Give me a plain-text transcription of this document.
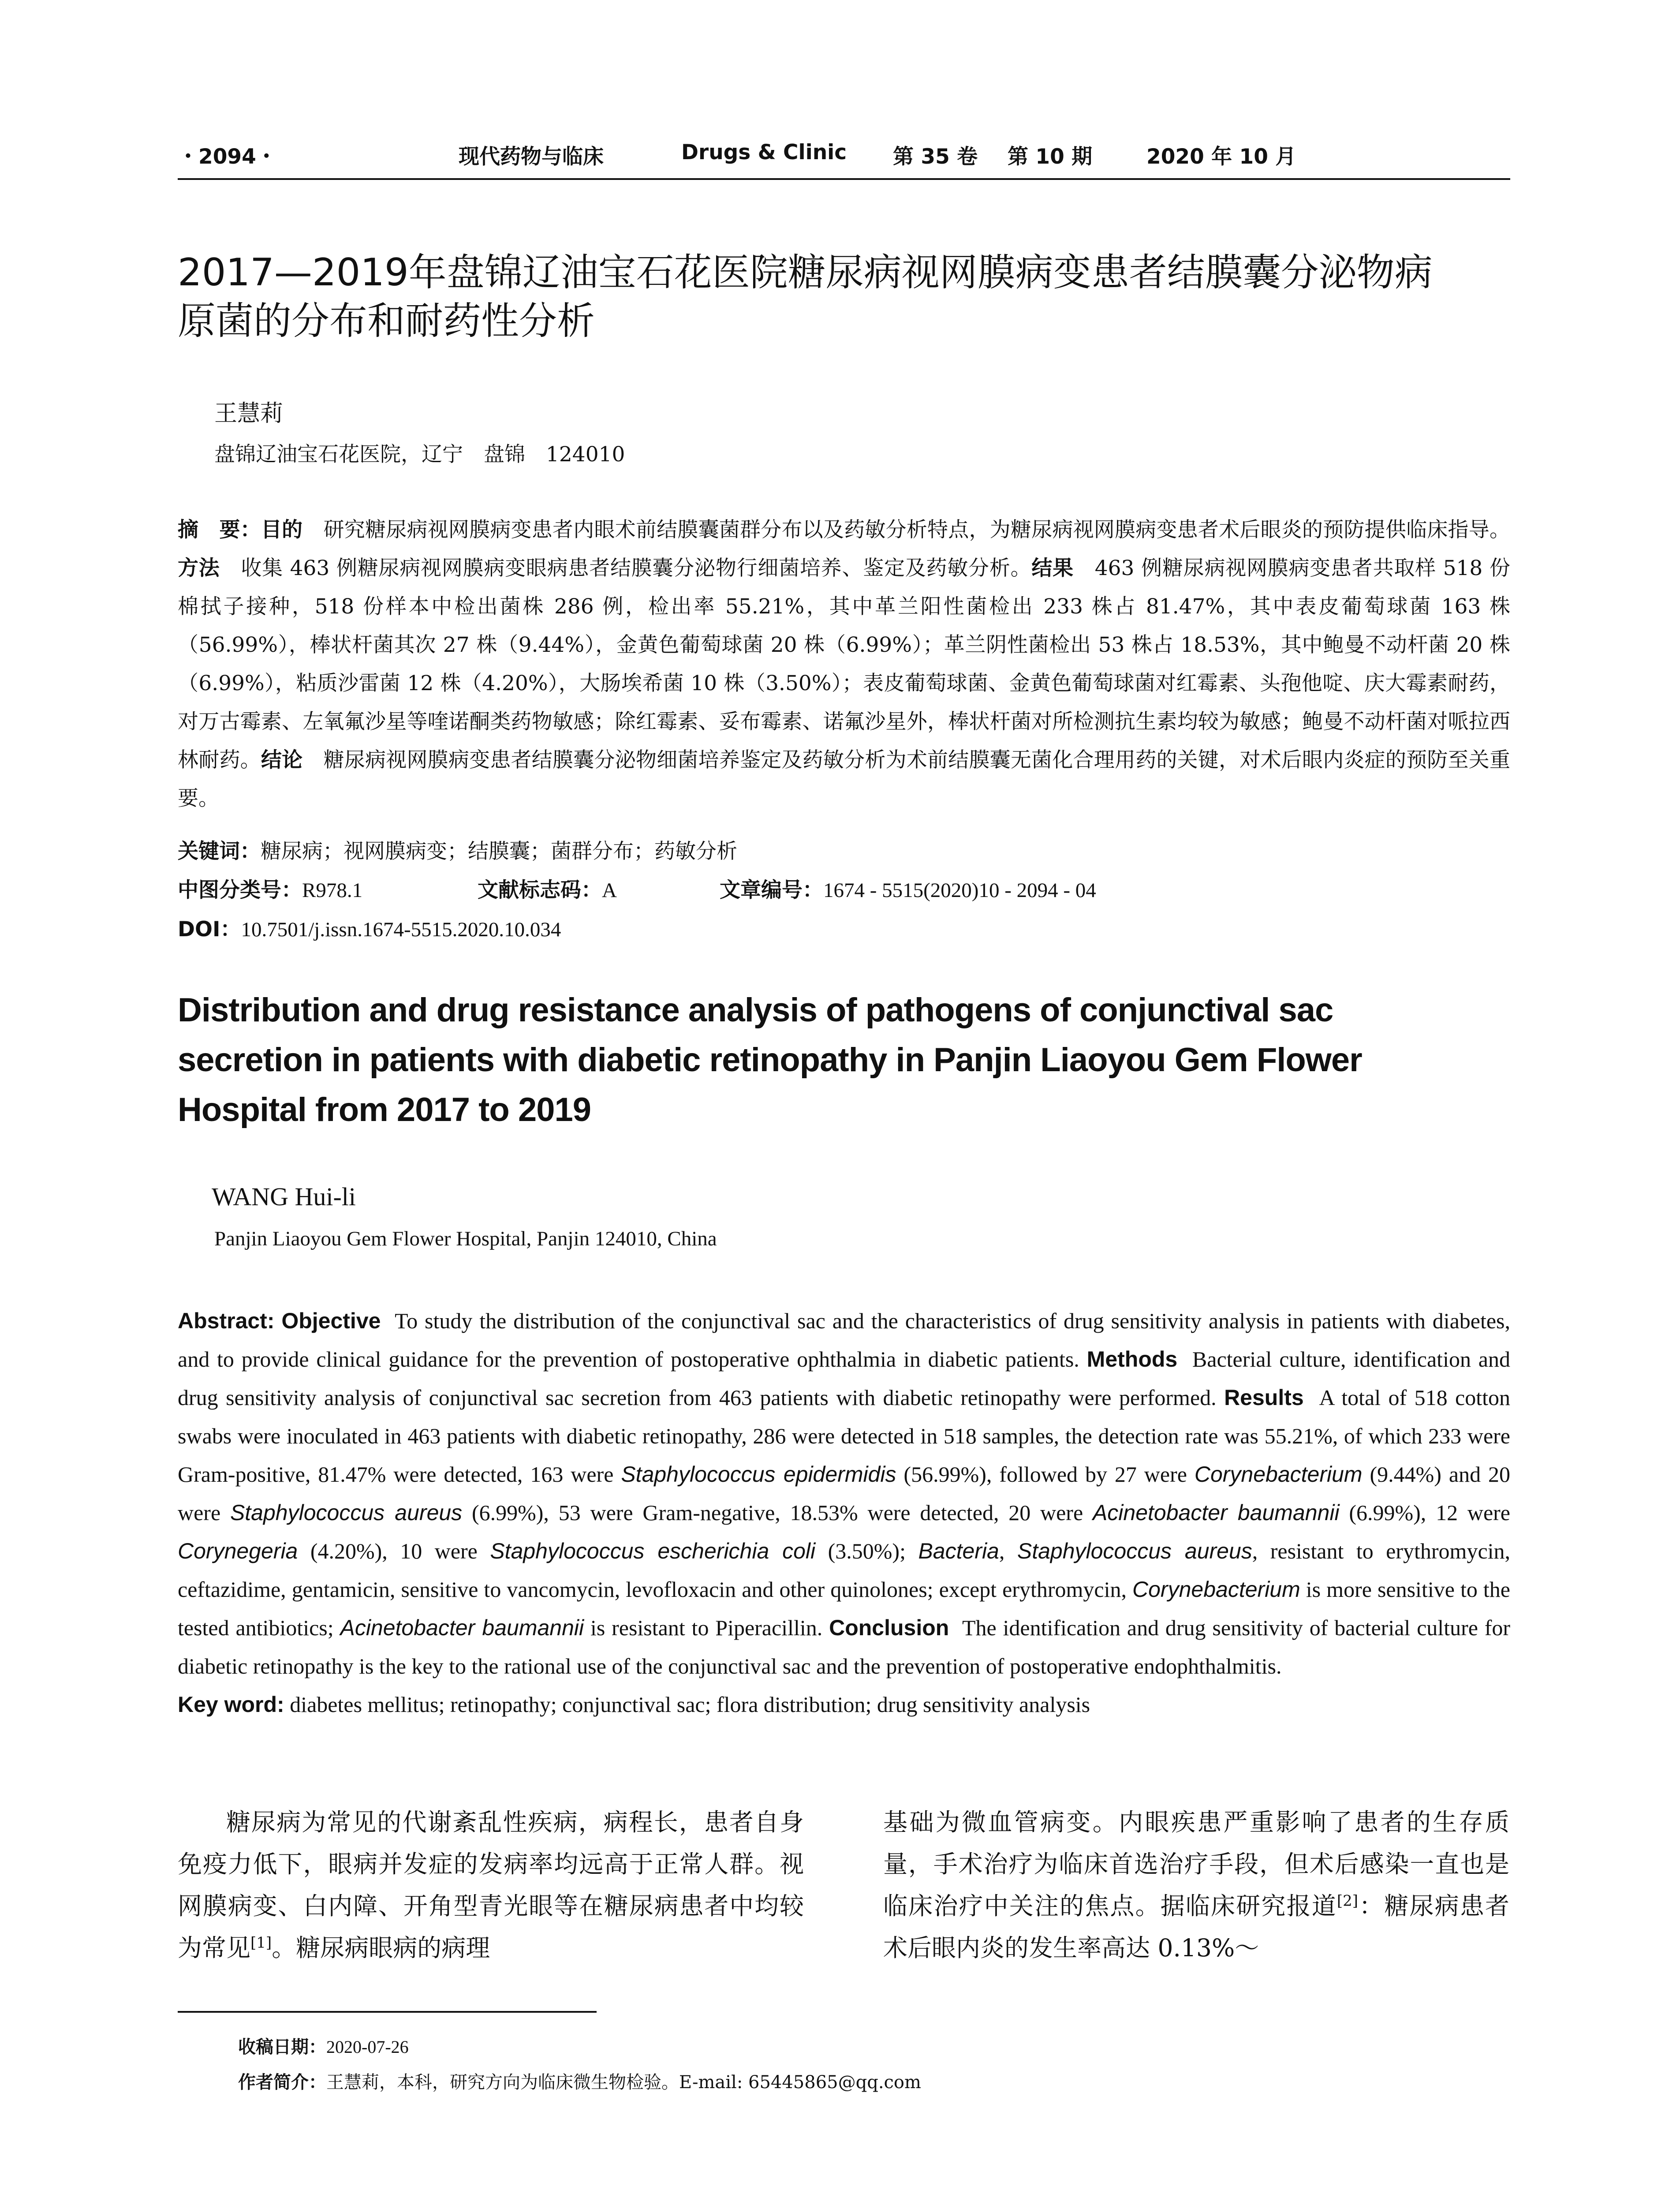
・2094・	现代药物与临床	Drugs & Clinic 第 35 卷 第 10 期	2020 年 10 月
2017—2019年盘锦辽油宝石花医院糖尿病视网膜病变患者结膜囊分泌物病
原菌的分布和耐药性分析
王慧莉
盘锦辽油宝石花医院，辽宁　盘锦　124010
摘　要：目的　研究糖尿病视网膜病变患者内眼术前结膜囊菌群分布以及药敏分析特点，为糖尿病视网膜病变患者术后眼炎的预防提供临床指导。方法　收集 463 例糖尿病视网膜病变眼病患者结膜囊分泌物行细菌培养、鉴定及药敏分析。结果　463 例糖尿病视网膜病变患者共取样 518 份棉拭子接种，518 份样本中检出菌株 286 例，检出率 55.21%，其中革兰阳性菌检出 233 株占 81.47%，其中表皮葡萄球菌 163 株（56.99%），棒状杆菌其次 27 株（9.44%），金黄色葡萄球菌 20 株（6.99%）；革兰阴性菌检出 53 株占 18.53%，其中鲍曼不动杆菌 20 株（6.99%），粘质沙雷菌 12 株（4.20%），大肠埃希菌 10 株（3.50%）；表皮葡萄球菌、金黄色葡萄球菌对红霉素、头孢他啶、庆大霉素耐药，对万古霉素、左氧氟沙星等喹诺酮类药物敏感；除红霉素、妥布霉素、诺氟沙星外，棒状杆菌对所检测抗生素均较为敏感；鲍曼不动杆菌对哌拉西林耐药。结论　糖尿病视网膜病变患者结膜囊分泌物细菌培养鉴定及药敏分析为术前结膜囊无菌化合理用药的关键，对术后眼内炎症的预防至关重要。
关键词：糖尿病；视网膜病变；结膜囊；菌群分布；药敏分析
中图分类号：R978.1	文献标志码：A	文章编号：1674 - 5515(2020)10 - 2094 - 04
DOI：10.7501/j.issn.1674-5515.2020.10.034
Distribution and drug resistance analysis of pathogens of conjunctival sac
secretion in patients with diabetic retinopathy in Panjin Liaoyou Gem Flower
Hospital from 2017 to 2019
WANG Hui-li
Panjin Liaoyou Gem Flower Hospital, Panjin 124010, China
Abstract: Objective To study the distribution of the conjunctival sac and the characteristics of drug sensitivity analysis in patients with diabetes, and to provide clinical guidance for the prevention of postoperative ophthalmia in diabetic patients. Methods Bacterial culture, identification and drug sensitivity analysis of conjunctival sac secretion from 463 patients with diabetic retinopathy were performed. Results A total of 518 cotton swabs were inoculated in 463 patients with diabetic retinopathy, 286 were detected in 518 samples, the detection rate was 55.21%, of which 233 were Gram-positive, 81.47% were detected, 163 were Staphylococcus epidermidis (56.99%), followed by 27 were Corynebacterium (9.44%) and 20 were Staphylococcus aureus (6.99%), 53 were Gram-negative, 18.53% were detected, 20 were Acinetobacter baumannii (6.99%), 12 were Corynegeria (4.20%), 10 were Staphylococcus escherichia coli (3.50%); Bacteria, Staphylococcus aureus, resistant to erythromycin, ceftazidime, gentamicin, sensitive to vancomycin, levofloxacin and other quinolones; except erythromycin, Corynebacterium is more sensitive to the tested antibiotics; Acinetobacter baumannii is resistant to Piperacillin. Conclusion The identification and drug sensitivity of bacterial culture for diabetic retinopathy is the key to the rational use of the conjunctival sac and the prevention of postoperative endophthalmitis.
Key word: diabetes mellitus; retinopathy; conjunctival sac; flora distribution; drug sensitivity analysis
糖尿病为常见的代谢紊乱性疾病，病程长，患者自身免疫力低下，眼病并发症的发病率均远高于正常人群。视网膜病变、白内障、开角型青光眼等在糖尿病患者中均较为常见[1]。糖尿病眼病的病理
基础为微血管病变。内眼疾患严重影响了患者的生存质量，手术治疗为临床首选治疗手段，但术后感染一直也是临床治疗中关注的焦点。据临床研究报道[2]：糖尿病患者术后眼内炎的发生率高达 0.13%～
收稿日期：2020-07-26
作者简介：王慧莉，本科，研究方向为临床微生物检验。E-mail: 65445865@qq.com
